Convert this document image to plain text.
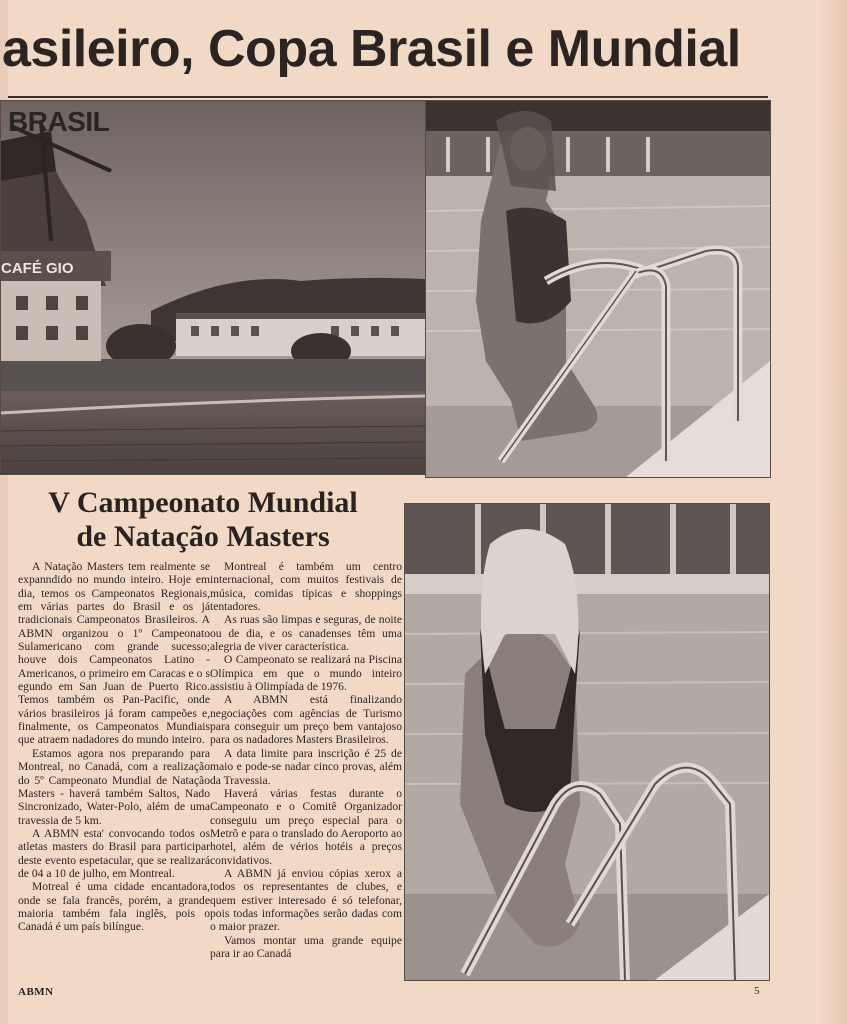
asileiro, Copa Brasil e Mundial
CAFÉ GIO
BRASIL
V Campeonato Mundial
de Natação Masters

A Natação Masters tem realmente se expanndido no mundo inteiro. Hoje em dia, temos os Campeonatos Regionais, em várias partes do Brasil e os já tradicionais Campeonatos Brasileiros. A ABMN organizou o 1º Campeonato Sulamericano com grande sucesso; houve dois Campeonatos Latino - Americanos, o primeiro em Caracas e o s egundo em San Juan de Puerto Rico. Temos também os Pan-Pacific, onde vários brasileiros já foram campeões e, finalmente, os Campeonatos Mundiais que atraem nadadores do mundo inteiro.

Estamos agora nos preparando para Montreal, no Canadá, com a realização do 5º Campeonato Mundial de Natação Masters - haverá também Saltos, Nado Sincronizado, Water-Polo, além de uma travessia de 5 km.

A ABMN esta' convocando todos os atletas masters do Brasil para participar deste evento espetacular, que se realizará de 04 a 10 de julho, em Montreal.

Motreal é uma cidade encantadora, onde se fala francês, porém, a grande maioria também fala inglês, pois o Canadá é um país bilíngue.

Montreal é também um centro internacional, com muitos festivais de música, comidas típicas e shoppings tentadores.

As ruas são limpas e seguras, de noite ou de dia, e os canadenses têm uma alegria de viver característica.

O Campeonato se realizará na Piscina Olímpica em que o mundo inteiro assistiu à Olimpíada de 1976.

A ABMN está finalizando negociações com agências de Turismo para conseguir um preço bem vantajoso para os nadadores Masters Brasileiros.

A data limite para inscrição é 25 de maio e pode-se nadar cinco provas, além da Travessia.

Haverá várias festas durante o Campeonato e o Comitê Organizador conseguiu um preço especial para o Metrô e para o translado do Aeroporto ao hotel, além de vérios hotéis a preços convidativos.

A ABMN já enviou cópias xerox a todos os representantes de clubes, e quem estiver interesado é só telefonar, pois todas informações serão dadas com o maior prazer.

Vamos montar uma grande equipe para ir ao Canadá

ABMN	5
